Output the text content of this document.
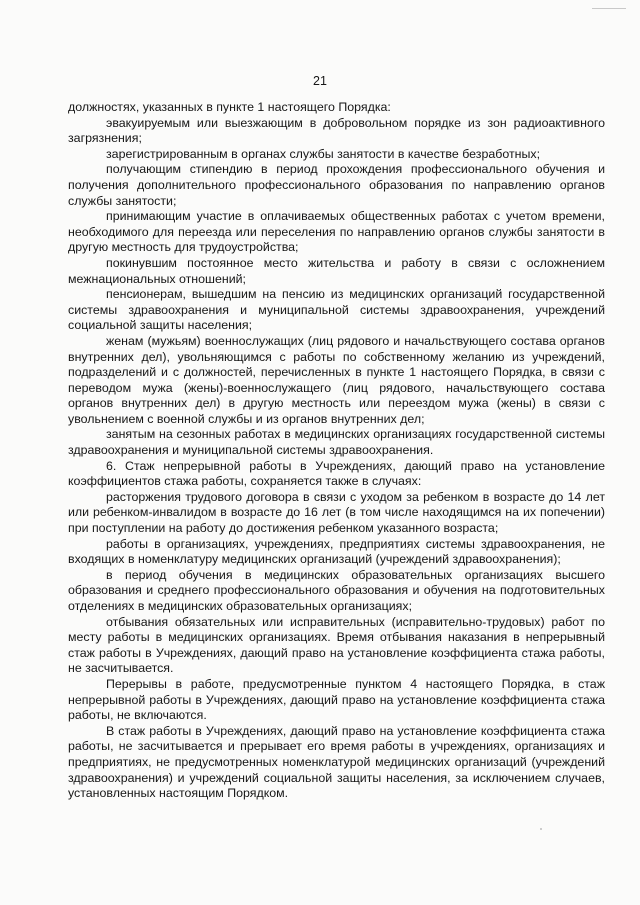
21

должностях, указанных в пункте 1 настоящего Порядка:

эвакуируемым или выезжающим в добровольном порядке из зон радиоактивного загрязнения;

зарегистрированным в органах службы занятости в качестве безработных;

получающим стипендию в период прохождения профессионального обучения и получения дополнительного профессионального образования по направлению органов службы занятости;

принимающим участие в оплачиваемых общественных работах с учетом времени, необходимого для переезда или переселения по направлению органов службы занятости в другую местность для трудоустройства;

покинувшим постоянное место жительства и работу в связи с осложнением межнациональных отношений;

пенсионерам, вышедшим на пенсию из медицинских организаций государственной системы здравоохранения и муниципальной системы здравоохранения, учреждений социальной защиты населения;

женам (мужьям) военнослужащих (лиц рядового и начальствующего состава органов внутренних дел), увольняющимся с работы по собственному желанию из учреждений, подразделений и с должностей, перечисленных в пункте 1 настоящего Порядка, в связи с переводом мужа (жены)-военнослужащего (лиц рядового, начальствующего состава органов внутренних дел) в другую местность или переездом мужа (жены) в связи с увольнением с военной службы и из органов внутренних дел;

занятым на сезонных работах в медицинских организациях государственной системы здравоохранения и муниципальной системы здравоохранения.

6. Стаж непрерывной работы в Учреждениях, дающий право на установление коэффициентов стажа работы, сохраняется также в случаях:

расторжения трудового договора в связи с уходом за ребенком в возрасте до 14 лет или ребенком-инвалидом в возрасте до 16 лет (в том числе находящимся на их попечении) при поступлении на работу до достижения ребенком указанного возраста;

работы в организациях, учреждениях, предприятиях системы здравоохранения, не входящих в номенклатуру медицинских организаций (учреждений здравоохранения);

в период обучения в медицинских образовательных организациях высшего образования и среднего профессионального образования и обучения на подготовительных отделениях в медицинских образовательных организациях;

отбывания обязательных или исправительных (исправительно-трудовых) работ по месту работы в медицинских организациях. Время отбывания наказания в непрерывный стаж работы в Учреждениях, дающий право на установление коэффициента стажа работы, не засчитывается.

Перерывы в работе, предусмотренные пунктом 4 настоящего Порядка, в стаж непрерывной работы в Учреждениях, дающий право на установление коэффициента стажа работы, не включаются.

В стаж работы в Учреждениях, дающий право на установление коэффициента стажа работы, не засчитывается и прерывает его время работы в учреждениях, организациях и предприятиях, не предусмотренных номенклатурой медицинских организаций (учреждений здравоохранения) и учреждений социальной защиты населения, за исключением случаев, установленных настоящим Порядком.
